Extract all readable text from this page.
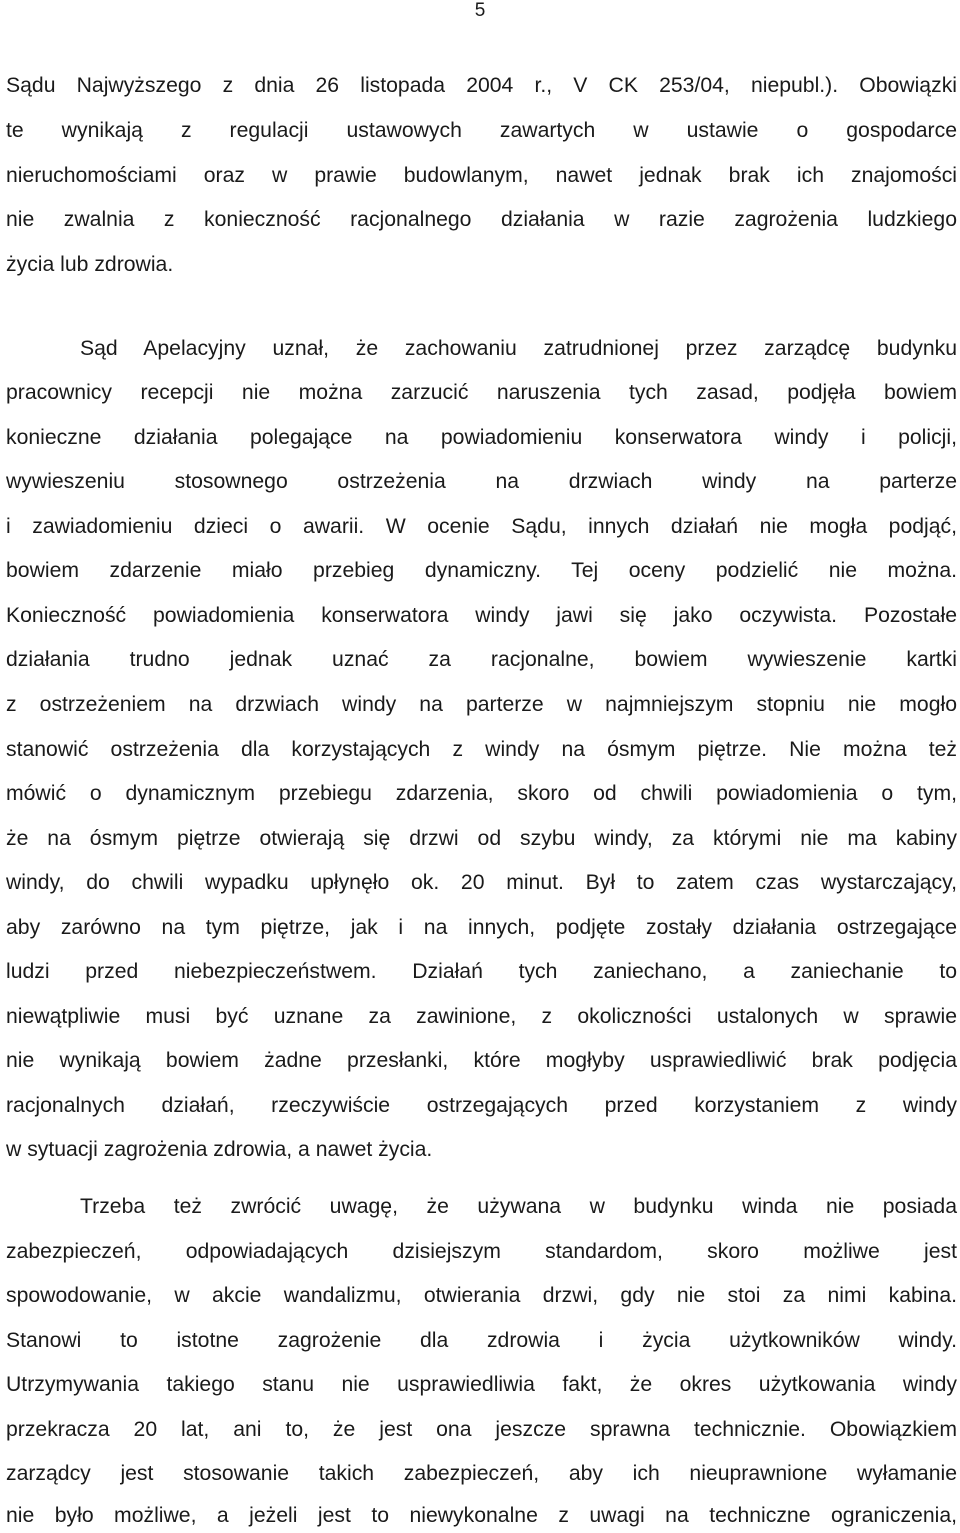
5
Sądu Najwyższego z dnia 26 listopada 2004 r., V CK 253/04, niepubl.). Obowiązki
te wynikają z regulacji ustawowych zawartych w ustawie o gospodarce
nieruchomościami oraz w prawie budowlanym, nawet jednak brak ich znajomości
nie zwalnia z konieczność racjonalnego działania w razie zagrożenia ludzkiego
życia lub zdrowia.
Sąd Apelacyjny uznał, że zachowaniu zatrudnionej przez zarządcę budynku
pracownicy recepcji nie można zarzucić naruszenia tych zasad, podjęła bowiem
konieczne działania polegające na powiadomieniu konserwatora windy i policji,
wywieszeniu stosownego ostrzeżenia na drzwiach windy na parterze
i zawiadomieniu dzieci o awarii. W ocenie Sądu, innych działań nie mogła podjąć,
bowiem zdarzenie miało przebieg dynamiczny. Tej oceny podzielić nie można.
Konieczność powiadomienia konserwatora windy jawi się jako oczywista. Pozostałe
działania trudno jednak uznać za racjonalne, bowiem wywieszenie kartki
z ostrzeżeniem na drzwiach windy na parterze w najmniejszym stopniu nie mogło
stanowić ostrzeżenia dla korzystających z windy na ósmym piętrze. Nie można też
mówić o dynamicznym przebiegu zdarzenia, skoro od chwili powiadomienia o tym,
że na ósmym piętrze otwierają się drzwi od szybu windy, za którymi nie ma kabiny
windy, do chwili wypadku upłynęło ok. 20 minut. Był to zatem czas wystarczający,
aby zarówno na tym piętrze, jak i na innych, podjęte zostały działania ostrzegające
ludzi przed niebezpieczeństwem. Działań tych zaniechano, a zaniechanie to
niewątpliwie musi być uznane za zawinione, z okoliczności ustalonych w sprawie
nie wynikają bowiem żadne przesłanki, które mogłyby usprawiedliwić brak podjęcia
racjonalnych działań, rzeczywiście ostrzegających przed korzystaniem z windy
w sytuacji zagrożenia zdrowia, a nawet życia.
Trzeba też zwrócić uwagę, że używana w budynku winda nie posiada
zabezpieczeń, odpowiadających dzisiejszym standardom, skoro możliwe jest
spowodowanie, w akcie wandalizmu, otwierania drzwi, gdy nie stoi za nimi kabina.
Stanowi to istotne zagrożenie dla zdrowia i życia użytkowników windy.
Utrzymywania takiego stanu nie usprawiedliwia fakt, że okres użytkowania windy
przekracza 20 lat, ani to, że jest ona jeszcze sprawna technicznie. Obowiązkiem
zarządcy jest stosowanie takich zabezpieczeń, aby ich nieuprawnione wyłamanie
nie było możliwe, a jeżeli jest to niewykonalne z uwagi na techniczne ograniczenia,
